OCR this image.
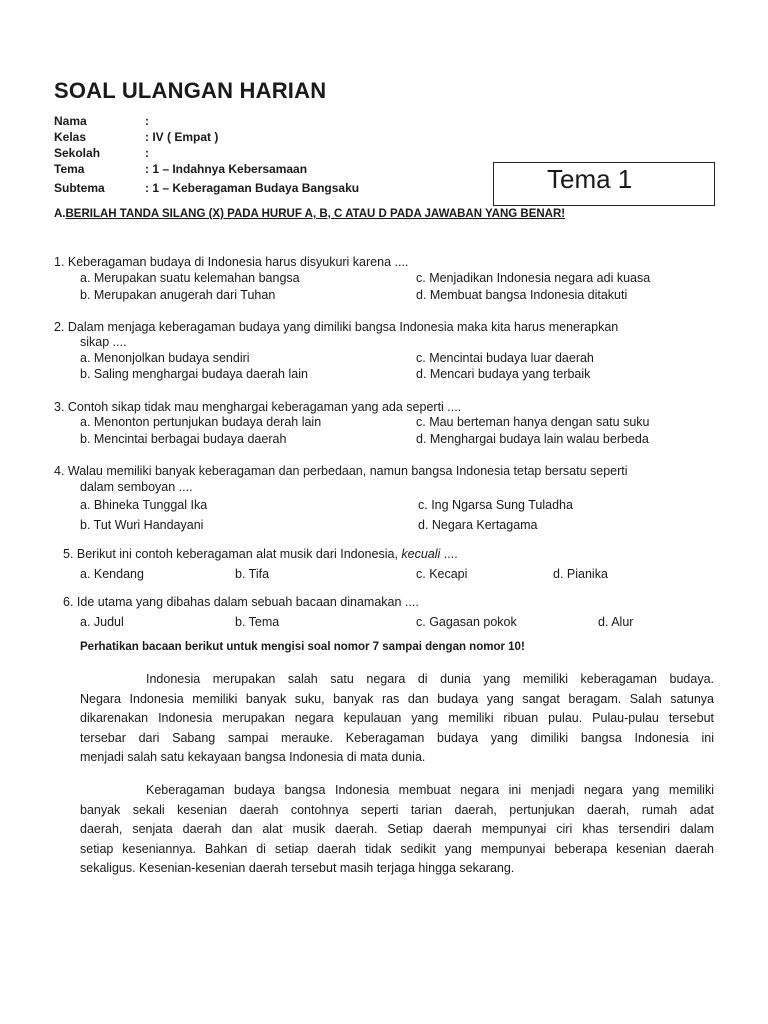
SOAL ULANGAN HARIAN
Nama	:
Kelas	: IV ( Empat )
Sekolah	:
Tema	: 1 – Indahnya Kebersamaan
Subtema	: 1 – Keberagaman Budaya Bangsaku	Tema 1
A.BERILAH TANDA SILANG (X) PADA HURUF A, B, C ATAU D PADA JAWABAN YANG BENAR!
1. Keberagaman budaya di Indonesia harus disyukuri karena ....
a. Merupakan suatu kelemahan bangsa	c. Menjadikan Indonesia negara adi kuasa
b. Merupakan anugerah dari Tuhan	d. Membuat bangsa Indonesia ditakuti
2. Dalam menjaga keberagaman budaya yang dimiliki bangsa Indonesia maka kita harus menerapkan
sikap ....
a. Menonjolkan budaya sendiri	c. Mencintai budaya luar daerah
b. Saling menghargai budaya daerah lain	d. Mencari budaya yang terbaik
3. Contoh sikap tidak mau menghargai keberagaman yang ada seperti ....
a. Menonton pertunjukan budaya derah lain	c. Mau berteman hanya dengan satu suku
b. Mencintai berbagai budaya daerah	d. Menghargai budaya lain walau berbeda
4. Walau memiliki banyak keberagaman dan perbedaan, namun bangsa Indonesia tetap bersatu seperti
dalam semboyan ....
a. Bhineka Tunggal Ika	c. Ing Ngarsa Sung Tuladha
b. Tut Wuri Handayani	d. Negara Kertagama
5. Berikut ini contoh keberagaman alat musik dari Indonesia, kecuali ....
a. Kendang	b. Tifa	c. Kecapi	d. Pianika
6. Ide utama yang dibahas dalam sebuah bacaan dinamakan ....
a. Judul	b. Tema	c. Gagasan pokok	d. Alur
Perhatikan bacaan berikut untuk mengisi soal nomor 7 sampai dengan nomor 10!
Indonesia merupakan salah satu negara di dunia yang memiliki keberagaman budaya.
Negara Indonesia memiliki banyak suku, banyak ras dan budaya yang sangat beragam. Salah satunya
dikarenakan Indonesia merupakan negara kepulauan yang memiliki ribuan pulau. Pulau-pulau tersebut
tersebar dari Sabang sampai merauke. Keberagaman budaya yang dimiliki bangsa Indonesia ini
menjadi salah satu kekayaan bangsa Indonesia di mata dunia.
Keberagaman budaya bangsa Indonesia membuat negara ini menjadi negara yang memiliki
banyak sekali kesenian daerah contohnya seperti tarian daerah, pertunjukan daerah, rumah adat
daerah, senjata daerah dan alat musik daerah. Setiap daerah mempunyai ciri khas tersendiri dalam
setiap keseniannya. Bahkan di setiap daerah tidak sedikit yang mempunyai beberapa kesenian daerah
sekaligus. Kesenian-kesenian daerah tersebut masih terjaga hingga sekarang.
